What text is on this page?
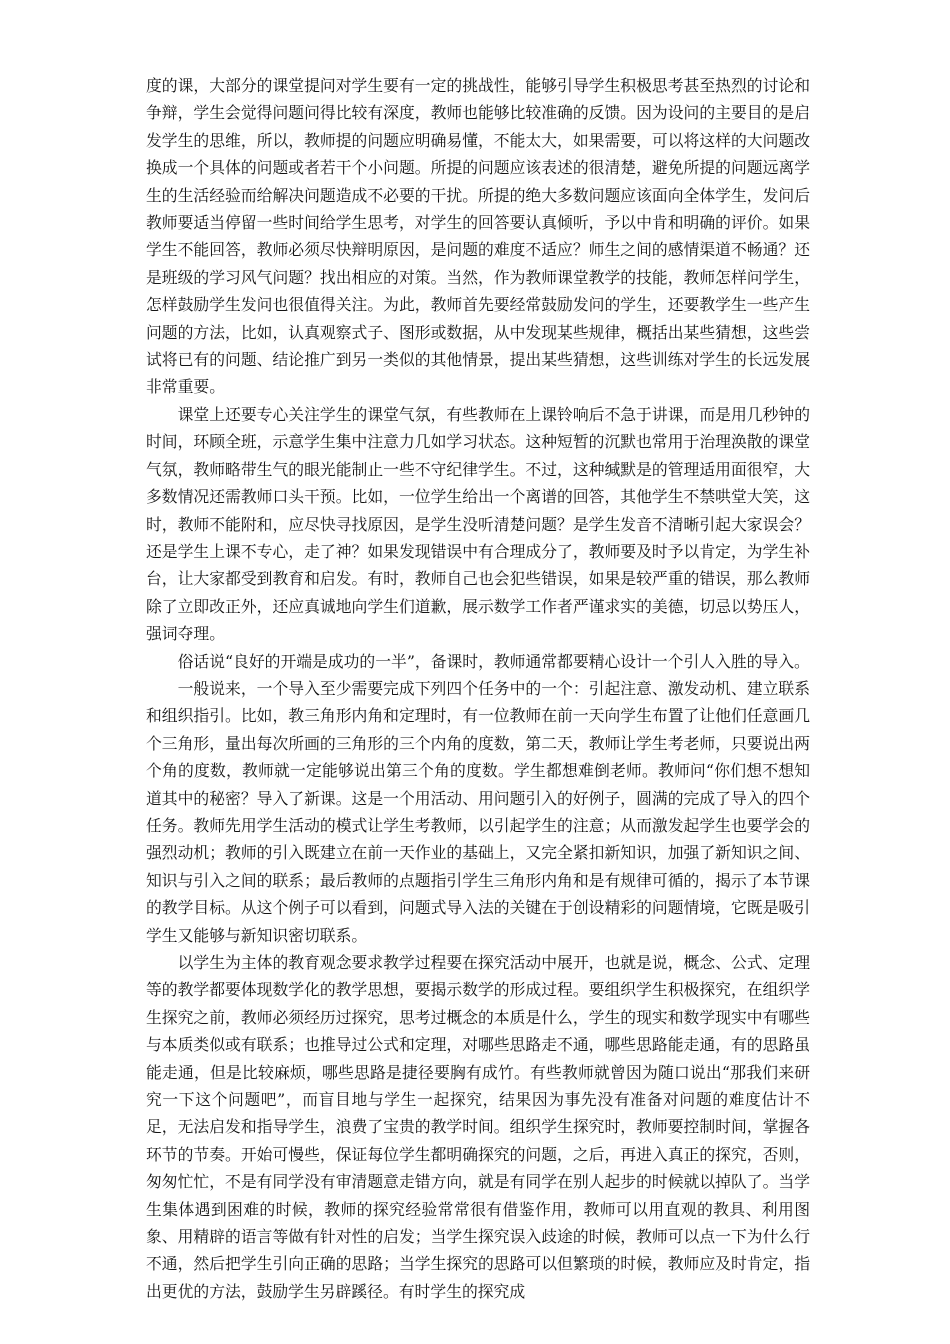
度的课，大部分的课堂提问对学生要有一定的挑战性，能够引导学生积极思考甚至热烈的讨论和争辩，学生会觉得问题问得比较有深度，教师也能够比较准确的反馈。因为设问的主要目的是启发学生的思维，所以，教师提的问题应明确易懂，不能太大，如果需要，可以将这样的大问题改换成一个具体的问题或者若干个小问题。所提的问题应该表述的很清楚，避免所提的问题远离学生的生活经验而给解决问题造成不必要的干扰。所提的绝大多数问题应该面向全体学生，发问后教师要适当停留一些时间给学生思考，对学生的回答要认真倾听，予以中肯和明确的评价。如果学生不能回答，教师必须尽快辩明原因，是问题的难度不适应？师生之间的感情渠道不畅通？还是班级的学习风气问题？找出相应的对策。当然，作为教师课堂教学的技能，教师怎样问学生，怎样鼓励学生发问也很值得关注。为此，教师首先要经常鼓励发问的学生，还要教学生一些产生问题的方法，比如，认真观察式子、图形或数据，从中发现某些规律，概括出某些猜想，这些尝试将已有的问题、结论推广到另一类似的其他情景，提出某些猜想，这些训练对学生的长远发展非常重要。

课堂上还要专心关注学生的课堂气氛，有些教师在上课铃响后不急于讲课，而是用几秒钟的时间，环顾全班，示意学生集中注意力几如学习状态。这种短暂的沉默也常用于治理涣散的课堂气氛，教师略带生气的眼光能制止一些不守纪律学生。不过，这种缄默是的管理适用面很窄，大多数情况还需教师口头干预。比如，一位学生给出一个离谱的回答，其他学生不禁哄堂大笑，这时，教师不能附和，应尽快寻找原因，是学生没听清楚问题？是学生发音不清晰引起大家误会？还是学生上课不专心，走了神？如果发现错误中有合理成分了，教师要及时予以肯定，为学生补台，让大家都受到教育和启发。有时，教师自己也会犯些错误，如果是较严重的错误，那么教师除了立即改正外，还应真诚地向学生们道歉，展示数学工作者严谨求实的美德，切忌以势压人，强词夺理。

俗话说“良好的开端是成功的一半”，备课时，教师通常都要精心设计一个引人入胜的导入。

一般说来，一个导入至少需要完成下列四个任务中的一个：引起注意、激发动机、建立联系和组织指引。比如，教三角形内角和定理时，有一位教师在前一天向学生布置了让他们任意画几个三角形，量出每次所画的三角形的三个内角的度数，第二天，教师让学生考老师，只要说出两个角的度数，教师就一定能够说出第三个角的度数。学生都想难倒老师。教师问“你们想不想知道其中的秘密？导入了新课。这是一个用活动、用问题引入的好例子，圆满的完成了导入的四个任务。教师先用学生活动的模式让学生考教师，以引起学生的注意；从而激发起学生也要学会的强烈动机；教师的引入既建立在前一天作业的基础上，又完全紧扣新知识，加强了新知识之间、知识与引入之间的联系；最后教师的点题指引学生三角形内角和是有规律可循的，揭示了本节课的教学目标。从这个例子可以看到，问题式导入法的关键在于创设精彩的问题情境，它既是吸引学生又能够与新知识密切联系。

以学生为主体的教育观念要求教学过程要在探究活动中展开，也就是说，概念、公式、定理等的教学都要体现数学化的教学思想，要揭示数学的形成过程。要组织学生积极探究，在组织学生探究之前，教师必须经历过探究，思考过概念的本质是什么，学生的现实和数学现实中有哪些与本质类似或有联系；也推导过公式和定理，对哪些思路走不通，哪些思路能走通，有的思路虽能走通，但是比较麻烦，哪些思路是捷径要胸有成竹。有些教师就曾因为随口说出“那我们来研究一下这个问题吧”，而盲目地与学生一起探究，结果因为事先没有准备对问题的难度估计不足，无法启发和指导学生，浪费了宝贵的教学时间。组织学生探究时，教师要控制时间，掌握各环节的节奏。开始可慢些，保证每位学生都明确探究的问题，之后，再进入真正的探究，否则，匆匆忙忙，不是有同学没有审清题意走错方向，就是有同学在别人起步的时候就以掉队了。当学生集体遇到困难的时候，教师的探究经验常常很有借鉴作用，教师可以用直观的教具、利用图象、用精辟的语言等做有针对性的启发；当学生探究误入歧途的时候，教师可以点一下为什么行不通，然后把学生引向正确的思路；当学生探究的思路可以但繁琐的时候，教师应及时肯定，指出更优的方法，鼓励学生另辟蹊径。有时学生的探究成
